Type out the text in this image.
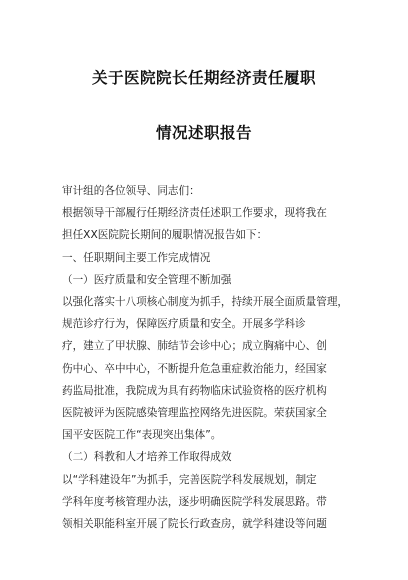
关于医院院长任期经济责任履职
情况述职报告
审计组的各位领导、同志们：
根据领导干部履行任期经济责任述职工作要求，现将我在
担任XX医院院长期间的履职情况报告如下：
一、任职期间主要工作完成情况
（一）医疗质量和安全管理不断加强
以强化落实十八项核心制度为抓手，持续开展全面质量管理，
规范诊疗行为，保障医疗质量和安全。开展多学科诊
疗，建立了甲状腺、肺结节会诊中心；成立胸痛中心、创
伤中心、卒中中心，不断提升危急重症救治能力，经国家
药监局批准，我院成为具有药物临床试验资格的医疗机构
医院被评为医院感染管理监控网络先进医院。荣获国家全
国平安医院工作“表现突出集体”。
（二）科教和人才培养工作取得成效
以“学科建设年”为抓手，完善医院学科发展规划，制定
学科年度考核管理办法，逐步明确医院学科发展思路。带
领相关职能科室开展了院长行政查房，就学科建设等问题
